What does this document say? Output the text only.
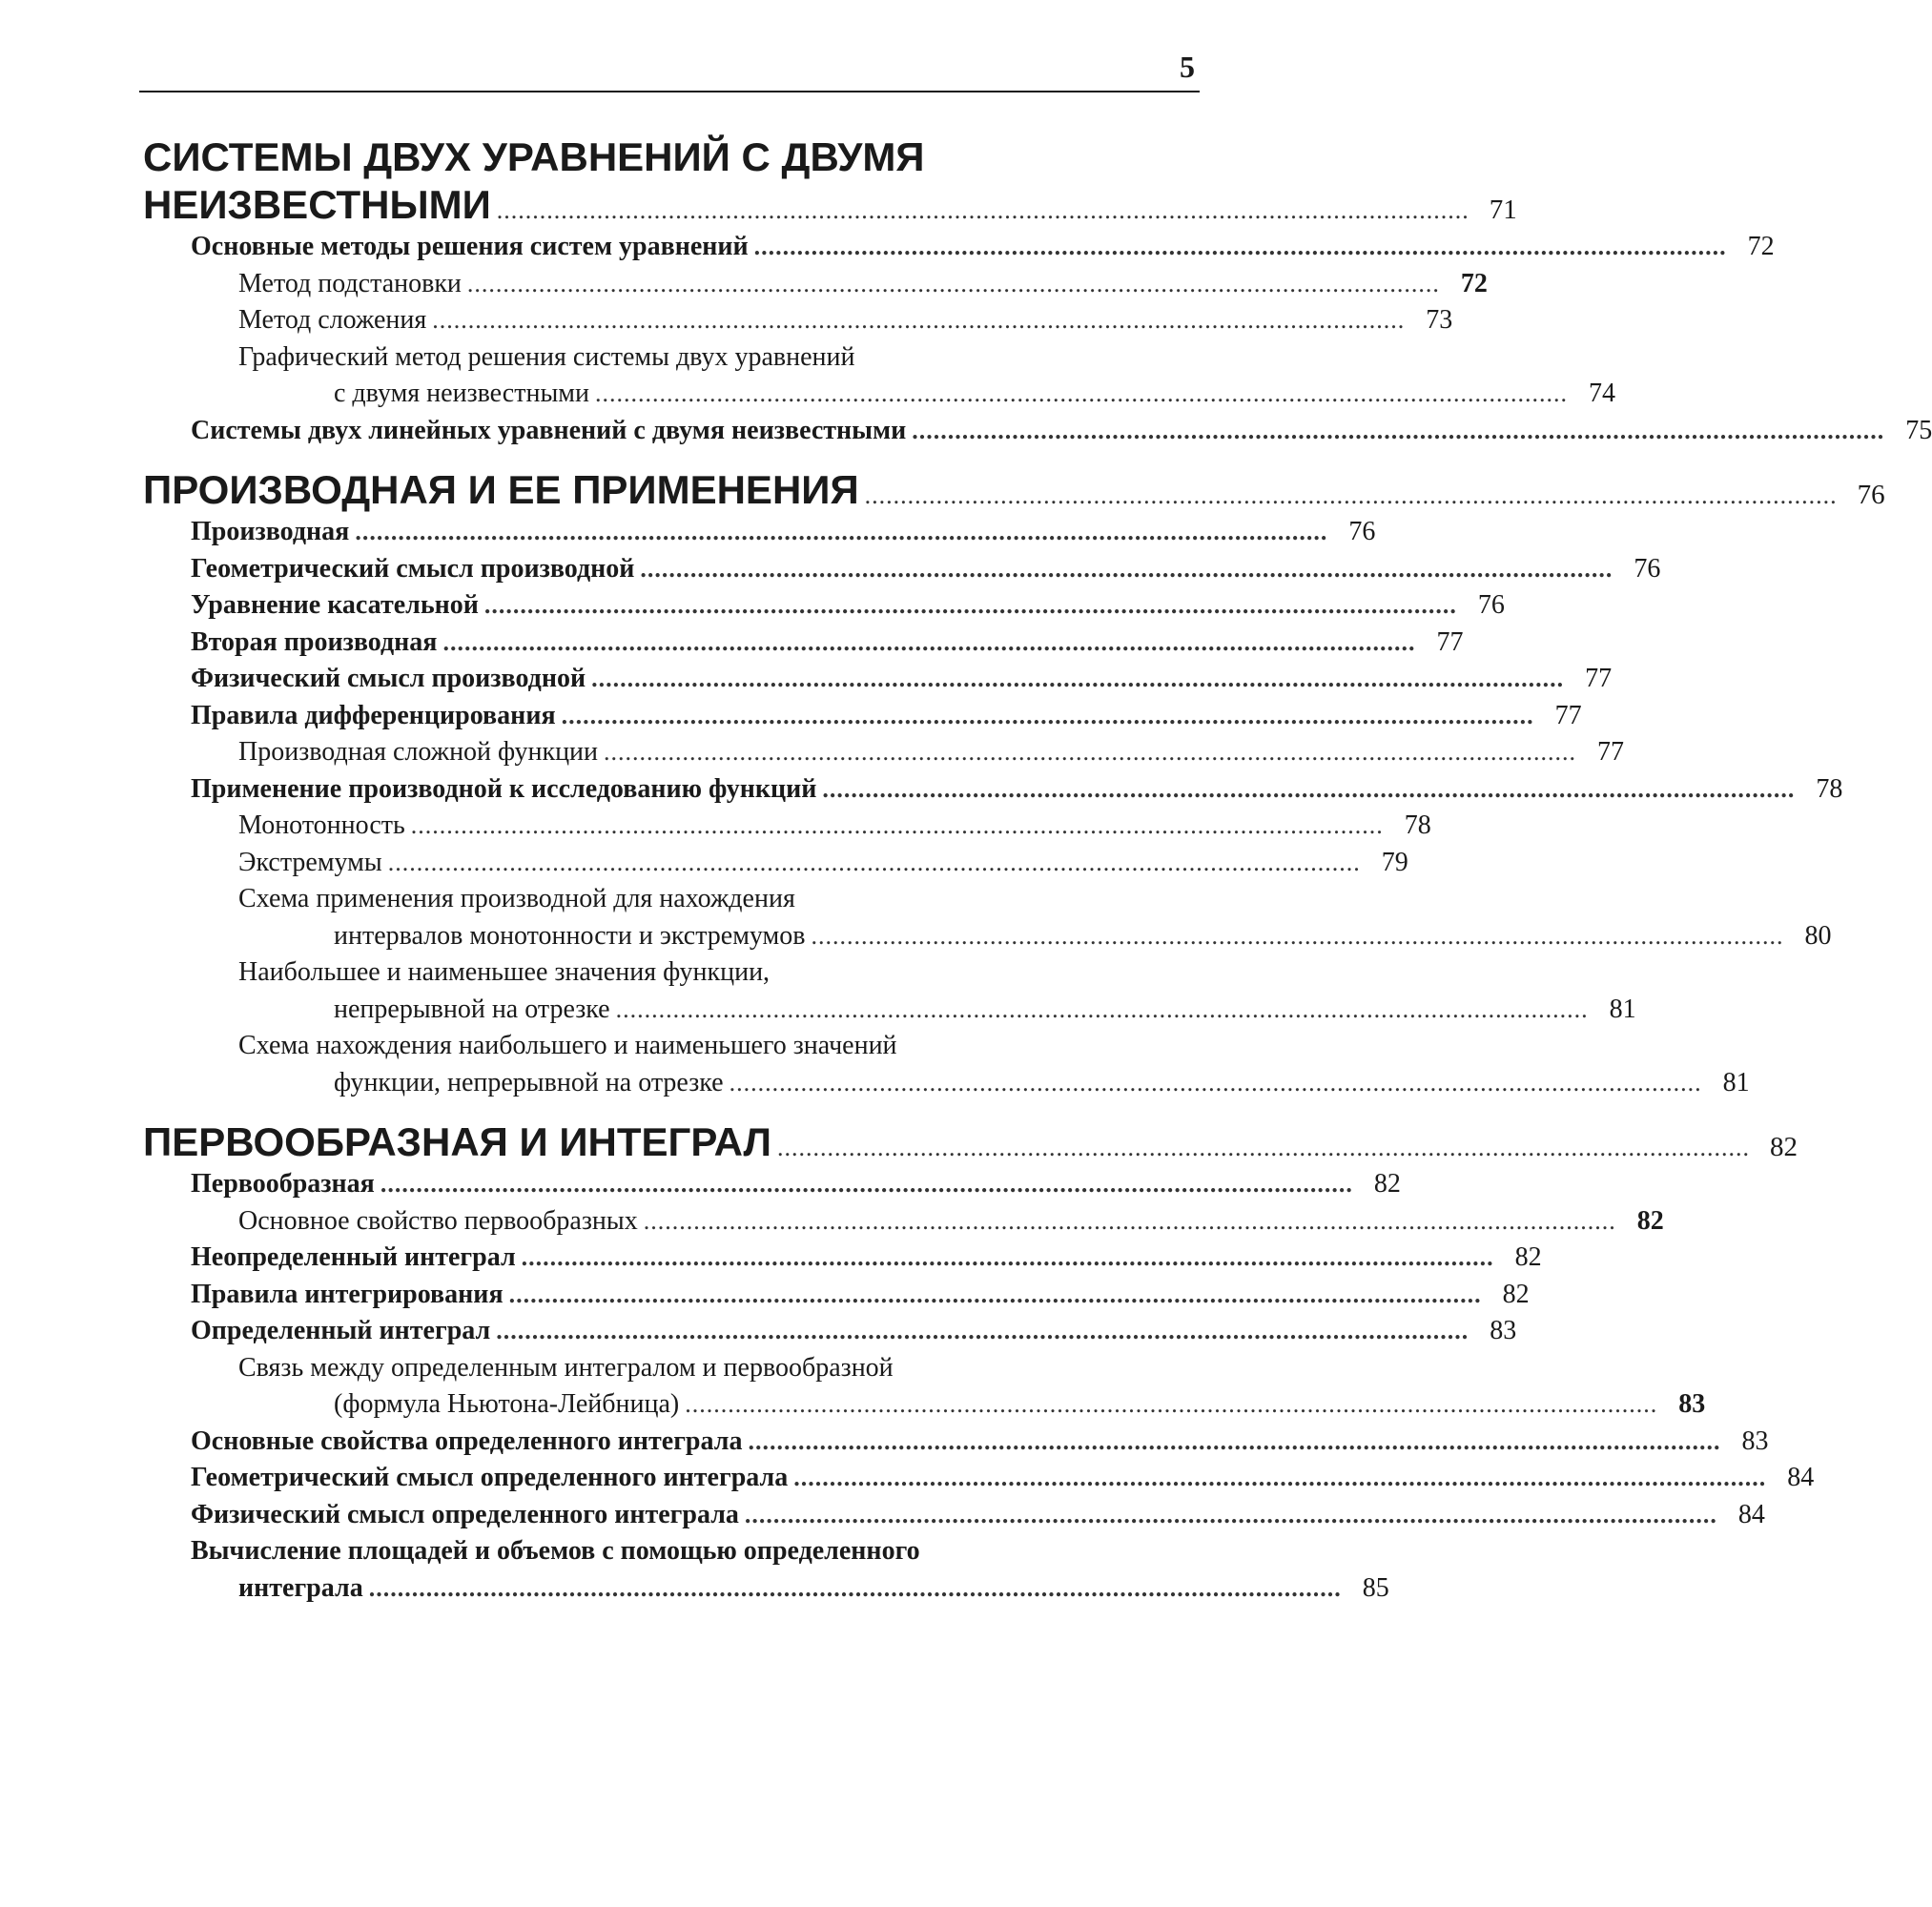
5
СИСТЕМЫ ДВУХ УРАВНЕНИЙ С ДВУМЯ
НЕИЗВЕСТНЫМИ ........................................................................................................................................ 71
Основные методы решения систем уравнений ........................................................................................................................................ 72
Метод подстановки ........................................................................................................................................ 72
Метод сложения ........................................................................................................................................ 73
Графический метод решения системы двух уравнений
с двумя неизвестными ........................................................................................................................................ 74
Системы двух линейных уравнений с двумя неизвестными ........................................................................................................................................ 75
ПРОИЗВОДНАЯ И ЕЕ ПРИМЕНЕНИЯ ........................................................................................................................................ 76
Производная ........................................................................................................................................ 76
Геометрический смысл производной ........................................................................................................................................ 76
Уравнение касательной ........................................................................................................................................ 76
Вторая производная ........................................................................................................................................ 77
Физический смысл производной ........................................................................................................................................ 77
Правила дифференцирования ........................................................................................................................................ 77
Производная сложной функции ........................................................................................................................................ 77
Применение производной к исследованию функций ........................................................................................................................................ 78
Монотонность ........................................................................................................................................ 78
Экстремумы ........................................................................................................................................ 79
Схема применения производной для нахождения
интервалов монотонности и экстремумов ........................................................................................................................................ 80
Наибольшее и наименьшее значения функции,
непрерывной на отрезке ........................................................................................................................................ 81
Схема нахождения наибольшего и наименьшего значений
функции, непрерывной на отрезке ........................................................................................................................................ 81
ПЕРВООБРАЗНАЯ И ИНТЕГРАЛ ........................................................................................................................................ 82
Первообразная ........................................................................................................................................ 82
Основное свойство первообразных ........................................................................................................................................ 82
Неопределенный интеграл ........................................................................................................................................ 82
Правила интегрирования ........................................................................................................................................ 82
Определенный интеграл ........................................................................................................................................ 83
Связь между определенным интегралом и первообразной
(формула Ньютона-Лейбница) ........................................................................................................................................ 83
Основные свойства определенного интеграла ........................................................................................................................................ 83
Геометрический смысл определенного интеграла ........................................................................................................................................ 84
Физический смысл определенного интеграла ........................................................................................................................................ 84
Вычисление площадей и объемов с помощью определенного
интеграла ........................................................................................................................................ 85
